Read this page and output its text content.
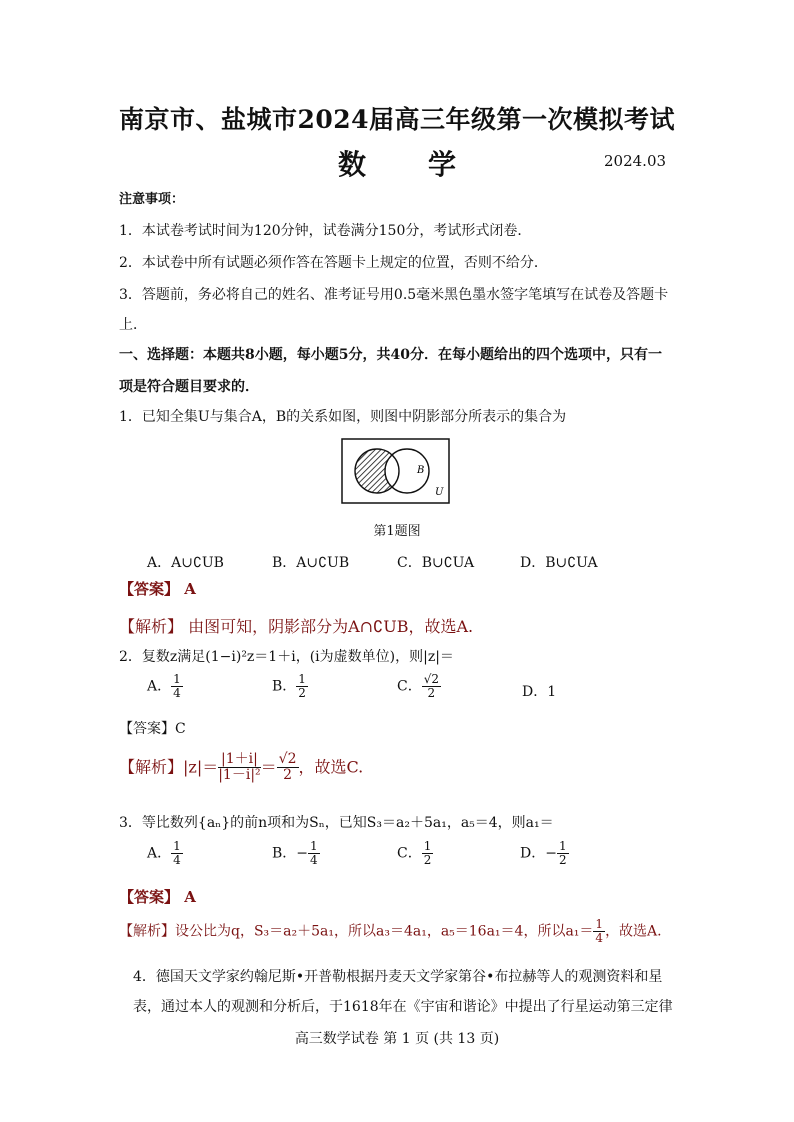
南京市、盐城市2024届高三年级第一次模拟考试
数 学	2024.03
注意事项：
1．本试卷考试时间为120分钟，试卷满分150分，考试形式闭卷．
2．本试卷中所有试题必须作答在答题卡上规定的位置，否则不给分．
3．答题前，务必将自己的姓名、准考证号用0.5毫米黑色墨水签字笔填写在试卷及答题卡
上．
一、选择题：本题共8小题，每小题5分，共40分．在每小题给出的四个选项中，只有一
项是符合题目要求的．
1．已知全集U与集合A，B的关系如图，则图中阴影部分所表示的集合为
B
U
第1题图
A．A∪∁UB	B．A∪∁UB	C．B∪∁UA	D．B∪∁UA
【答案】 A
【解析】 由图可知，阴影部分为A∩∁UB，故选A.
2．复数z满足(1−i)²z＝1＋i，(i为虚数单位)，则|z|＝
A． $\frac{1}{4}$	B． $\frac{1}{2}$	C． $\frac{√2}{2}$	D．1
【答案】C
【解析】$|z|= \frac{|1+i|}{\text{|1－i|²}} = \frac{√2}{2}$ ，故选C.
3．等比数列{aₙ}的前n项和为Sₙ，已知S₃＝a₂＋5a₁，a₅＝4，则a₁＝
A． $\frac{1}{4}$	B．− $\frac{1}{4}$	C． $\frac{1}{2}$	D．− $\frac{1}{2}$
【答案】 A
【解析】设公比为q，S₃＝a₂＋5a₁，所以a₃＝4a₁，a₅＝16a₁＝4，所以$a_1= \frac{1}{4}$ ，故选A.
4．德国天文学家约翰尼斯•开普勒根据丹麦天文学家第谷•布拉赫等人的观测资料和星
表，通过本人的观测和分析后，于1618年在《宇宙和谐论》中提出了行星运动第三定律
高三数学试卷 第 1 页 (共 13 页)
